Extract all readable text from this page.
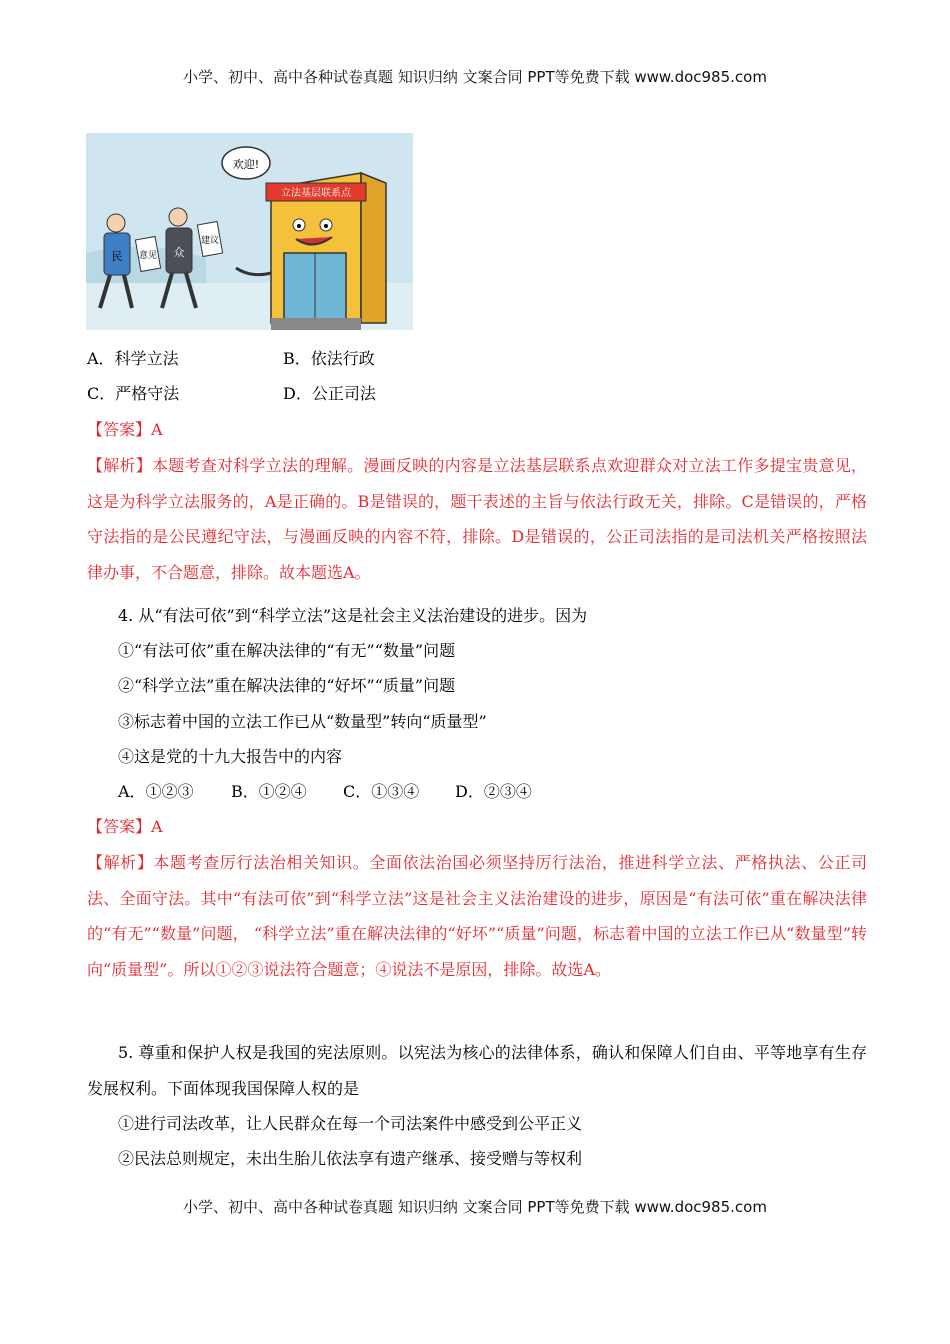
小学、初中、高中各种试卷真题 知识归纳 文案合同 PPT等免费下载 www.doc985.com
立法基层联系点
欢迎!
民 意见 众
建议
A．科学立法	B．依法行政
C．严格守法	D．公正司法
【答案】A
【解析】本题考查对科学立法的理解。漫画反映的内容是立法基层联系点欢迎群众对立法工作多提宝贵意见，这是为科学立法服务的，A是正确的。B是错误的，题干表述的主旨与依法行政无关，排除。C是错误的，严格守法指的是公民遵纪守法，与漫画反映的内容不符，排除。D是错误的，公正司法指的是司法机关严格按照法律办事，不合题意，排除。故本题选A。
4. 从“有法可依”到“科学立法”这是社会主义法治建设的进步。因为
①“有法可依”重在解决法律的“有无”“数量”问题
②“科学立法”重在解决法律的“好坏”“质量”问题
③标志着中国的立法工作已从“数量型”转向“质量型”
④这是党的十九大报告中的内容
A．①②③ B．①②④ C．①③④ D．②③④
【答案】A
【解析】本题考查厉行法治相关知识。全面依法治国必须坚持厉行法治，推进科学立法、严格执法、公正司法、全面守法。其中“有法可依”到“科学立法”这是社会主义法治建设的进步，原因是“有法可依”重在解决法律的“有无”“数量”问题， “科学立法”重在解决法律的“好坏”“质量”问题，标志着中国的立法工作已从“数量型”转向“质量型”。所以①②③说法符合题意；④说法不是原因，排除。故选A。
5. 尊重和保护人权是我国的宪法原则。以宪法为核心的法律体系，确认和保障人们自由、平等地享有生存发展权利。下面体现我国保障人权的是
①进行司法改革，让人民群众在每一个司法案件中感受到公平正义
②民法总则规定，未出生胎儿依法享有遗产继承、接受赠与等权利
小学、初中、高中各种试卷真题 知识归纳 文案合同 PPT等免费下载 www.doc985.com
